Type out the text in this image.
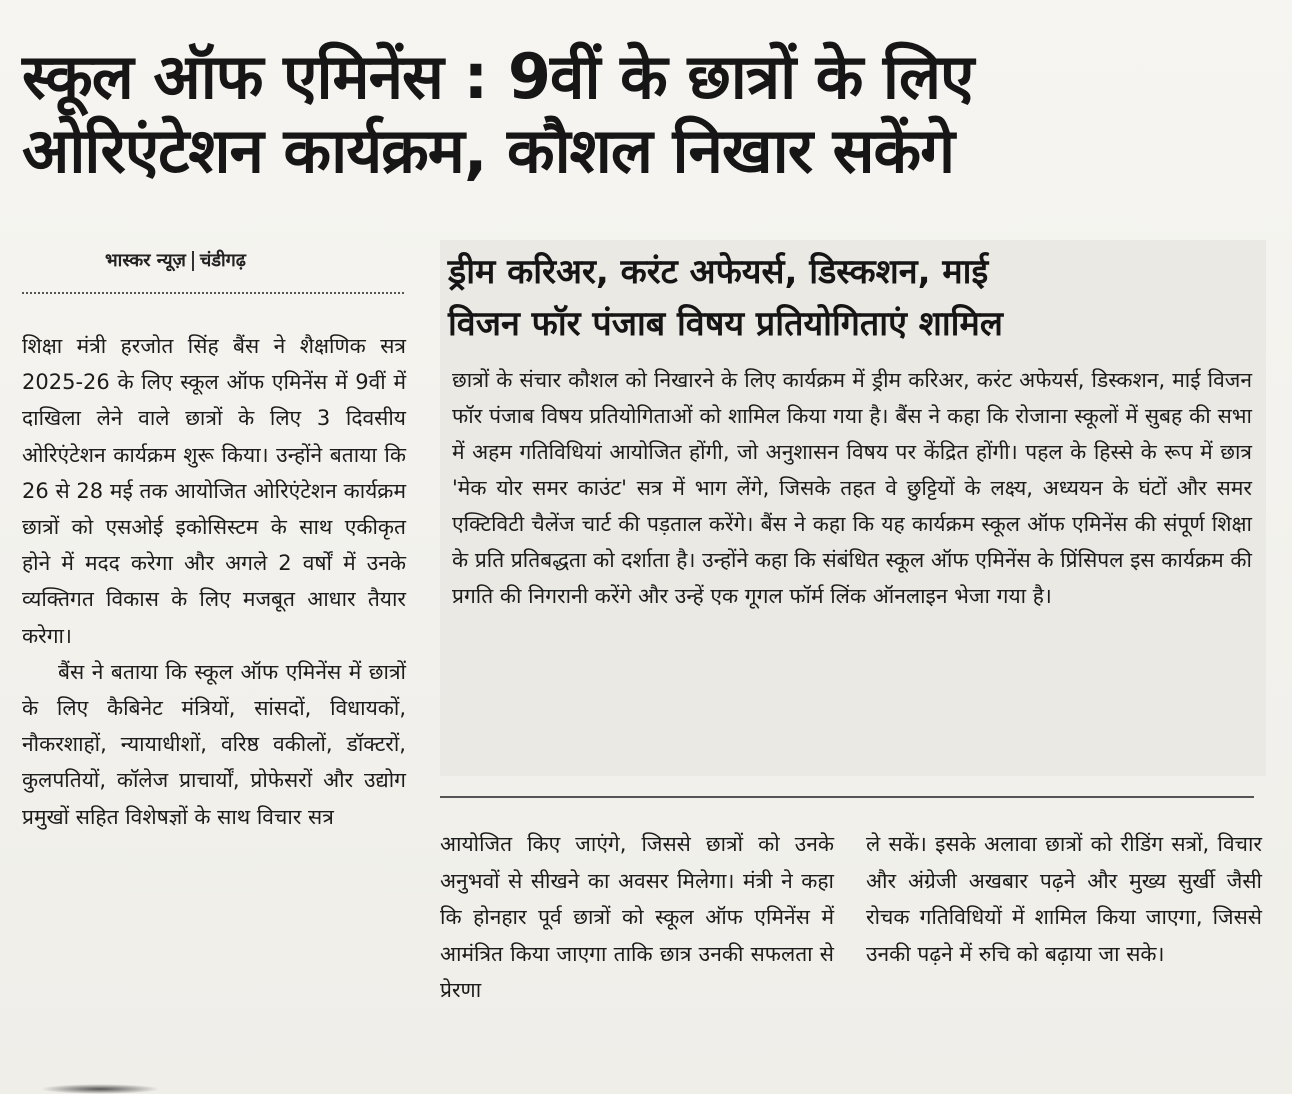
स्कूल ऑफ एमिनेंस : 9वीं के छात्रों के लिए
ओरिएंटेशन कार्यक्रम, कौशल निखार सकेंगे
भास्कर न्यूज़ चंडीगढ़

शिक्षा मंत्री हरजोत सिंह बैंस ने शैक्षणिक सत्र 2025-26 के लिए स्कूल ऑफ एमिनेंस में 9वीं में दाखिला लेने वाले छात्रों के लिए 3 दिवसीय ओरिएंटेशन कार्यक्रम शुरू किया। उन्होंने बताया कि 26 से 28 मई तक आयोजित ओरिएंटेशन कार्यक्रम छात्रों को एसओई इकोसिस्टम के साथ एकीकृत होने में मदद करेगा और अगले 2 वर्षों में उनके व्यक्तिगत विकास के लिए मजबूत आधार तैयार करेगा।

बैंस ने बताया कि स्कूल ऑफ एमिनेंस में छात्रों के लिए कैबिनेट मंत्रियों, सांसदों, विधायकों, नौकरशाहों, न्यायाधीशों, वरिष्ठ वकीलों, डॉक्टरों, कुलपतियों, कॉलेज प्राचार्यों, प्रोफेसरों और उद्योग प्रमुखों सहित विशेषज्ञों के साथ विचार सत्र

ड्रीम करिअर, करंट अफेयर्स, डिस्कशन, माई
विजन फॉर पंजाब विषय प्रतियोगिताएं शामिल

छात्रों के संचार कौशल को निखारने के लिए कार्यक्रम में ड्रीम करिअर, करंट अफेयर्स, डिस्कशन, माई विजन फॉर पंजाब विषय प्रतियोगिताओं को शामिल किया गया है। बैंस ने कहा कि रोजाना स्कूलों में सुबह की सभा में अहम गतिविधियां आयोजित होंगी, जो अनुशासन विषय पर केंद्रित होंगी। पहल के हिस्से के रूप में छात्र 'मेक योर समर काउंट' सत्र में भाग लेंगे, जिसके तहत वे छुट्टियों के लक्ष्य, अध्ययन के घंटों और समर एक्टिविटी चैलेंज चार्ट की पड़ताल करेंगे। बैंस ने कहा कि यह कार्यक्रम स्कूल ऑफ एमिनेंस की संपूर्ण शिक्षा के प्रति प्रतिबद्धता को दर्शाता है। उन्होंने कहा कि संबंधित स्कूल ऑफ एमिनेंस के प्रिंसिपल इस कार्यक्रम की प्रगति की निगरानी करेंगे और उन्हें एक गूगल फॉर्म लिंक ऑनलाइन भेजा गया है।

आयोजित किए जाएंगे, जिससे छात्रों को उनके अनुभवों से सीखने का अवसर मिलेगा। मंत्री ने कहा कि होनहार पूर्व छात्रों को स्कूल ऑफ एमिनेंस में आमंत्रित किया जाएगा ताकि छात्र उनकी सफलता से प्रेरणा

ले सकें। इसके अलावा छात्रों को रीडिंग सत्रों, विचार और अंग्रेजी अखबार पढ़ने और मुख्य सुर्खी जैसी रोचक गतिविधियों में शामिल किया जाएगा, जिससे उनकी पढ़ने में रुचि को बढ़ाया जा सके।
